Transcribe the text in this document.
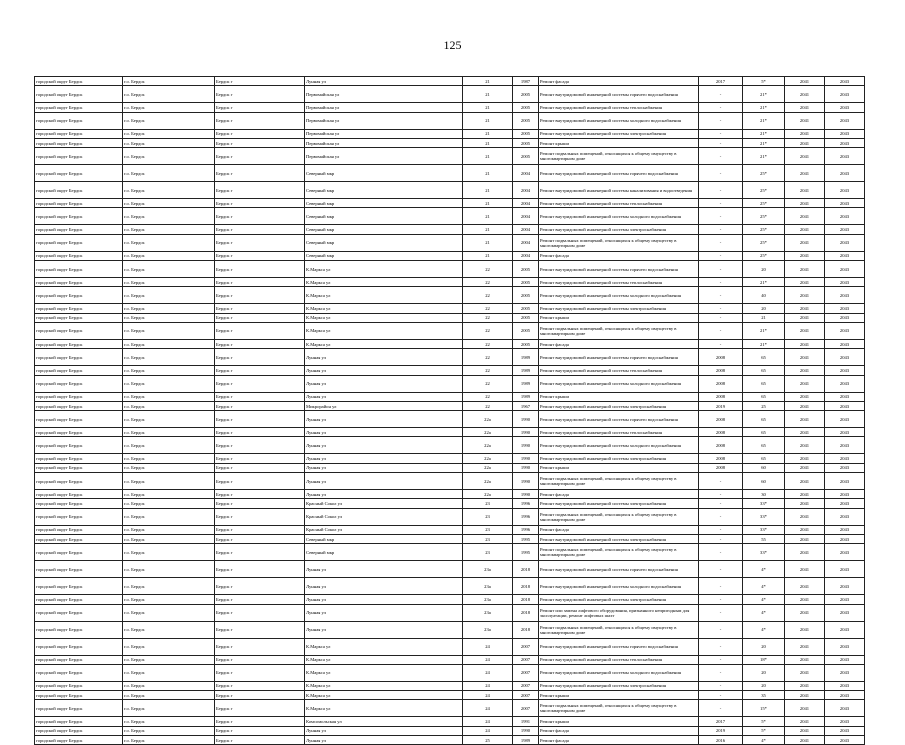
125
городской округ Бердск	г.о. Бердск	Бердск г	Лунная ул	21	1987	Ремонт фасада	2017	5*	2041	2043
городской округ Бердск	г.о. Бердск	Бердск г	Первомайская ул	21	2005	Ремонт внутридомовой инженерной системы горячего водоснабжения	-	21*	2041	2043
городской округ Бердск	г.о. Бердск	Бердск г	Первомайская ул	21	2005	Ремонт внутридомовой инженерной системы теплоснабжения	-	21*	2041	2043
городской округ Бердск	г.о. Бердск	Бердск г	Первомайская ул	21	2005	Ремонт внутридомовой инженерной системы холодного водоснабжения	-	21*	2041	2043
городской округ Бердск	г.о. Бердск	Бердск г	Первомайская ул	21	2005	Ремонт внутридомовой инженерной системы электроснабжения	-	21*	2041	2043
городской округ Бердск	г.о. Бердск	Бердск г	Первомайская ул	21	2005	Ремонт крыши	-	21*	2041	2043
городской округ Бердск	г.о. Бердск	Бердск г	Первомайская ул	21	2005	Ремонт подвальных помещений, относящихся к общему имуществу в многоквартирном доме	-	21*	2041	2043
городской округ Бердск	г.о. Бердск	Бердск г	Северный мкр	21	2004	Ремонт внутридомовой инженерной системы горячего водоснабжения	-	25*	2041	2043
городской округ Бердск	г.о. Бердск	Бердск г	Северный мкр	21	2004	Ремонт внутридомовой инженерной системы канализования и водоотведения	-	25*	2041	2043
городской округ Бердск	г.о. Бердск	Бердск г	Северный мкр	21	2004	Ремонт внутридомовой инженерной системы теплоснабжения	-	25*	2041	2043
городской округ Бердск	г.о. Бердск	Бердск г	Северный мкр	21	2004	Ремонт внутридомовой инженерной системы холодного водоснабжения	-	25*	2041	2043
городской округ Бердск	г.о. Бердск	Бердск г	Северный мкр	21	2004	Ремонт внутридомовой инженерной системы электроснабжения	-	25*	2041	2043
городской округ Бердск	г.о. Бердск	Бердск г	Северный мкр	21	2004	Ремонт подвальных помещений, относящихся к общему имуществу в многоквартирном доме	-	25*	2041	2043
городской округ Бердск	г.о. Бердск	Бердск г	Северный мкр	21	2004	Ремонт фасада	-	25*	2041	2043
городской округ Бердск	г.о. Бердск	Бердск г	К.Маркса ул	22	2005	Ремонт внутридомовой инженерной системы горячего водоснабжения	-	20	2041	2043
городской округ Бердск	г.о. Бердск	Бердск г	К.Маркса ул	22	2005	Ремонт внутридомовой инженерной системы теплоснабжения	-	21*	2041	2043
городской округ Бердск	г.о. Бердск	Бердск г	К.Маркса ул	22	2005	Ремонт внутридомовой инженерной системы холодного водоснабжения	-	40	2041	2043
городской округ Бердск	г.о. Бердск	Бердск г	К.Маркса ул	22	2005	Ремонт внутридомовой инженерной системы электроснабжения	-	20	2041	2043
городской округ Бердск	г.о. Бердск	Бердск г	К.Маркса ул	22	2005	Ремонт крыши	-	21	2041	2043
городской округ Бердск	г.о. Бердск	Бердск г	К.Маркса ул	22	2005	Ремонт подвальных помещений, относящихся к общему имуществу в многоквартирном доме	-	21*	2041	2043
городской округ Бердск	г.о. Бердск	Бердск г	К.Маркса ул	22	2005	Ремонт фасада	-	21*	2041	2043
городской округ Бердск	г.о. Бердск	Бердск г	Лунная ул	22	1989	Ремонт внутридомовой инженерной системы горячего водоснабжения	2008	65	2041	2043
городской округ Бердск	г.о. Бердск	Бердск г	Лунная ул	22	1989	Ремонт внутридомовой инженерной системы теплоснабжения	2008	65	2041	2043
городской округ Бердск	г.о. Бердск	Бердск г	Лунная ул	22	1989	Ремонт внутридомовой инженерной системы холодного водоснабжения	2008	65	2041	2043
городской округ Бердск	г.о. Бердск	Бердск г	Лунная ул	22	1989	Ремонт крыши	2008	65	2041	2043
городской округ Бердск	г.о. Бердск	Бердск г	Микрорайон ул	22	1967	Ремонт внутридомовой инженерной системы электроснабжения	2019	25	2041	2043
городской округ Бердск	г.о. Бердск	Бердск г	Лунная ул	22а	1990	Ремонт внутридомовой инженерной системы горячего водоснабжения	2008	65	2041	2043
городской округ Бердск	г.о. Бердск	Бердск г	Лунная ул	22а	1990	Ремонт внутридомовой инженерной системы теплоснабжения	2008	65	2041	2043
городской округ Бердск	г.о. Бердск	Бердск г	Лунная ул	22а	1990	Ремонт внутридомовой инженерной системы холодного водоснабжения	2008	65	2041	2043
городской округ Бердск	г.о. Бердск	Бердск г	Лунная ул	22а	1990	Ремонт внутридомовой инженерной системы электроснабжения	2008	65	2041	2043
городской округ Бердск	г.о. Бердск	Бердск г	Лунная ул	22а	1990	Ремонт крыши	2008	60	2041	2043
городской округ Бердск	г.о. Бердск	Бердск г	Лунная ул	22а	1990	Ремонт подвальных помещений, относящихся к общему имуществу в многоквартирном доме	-	60	2041	2043
городской округ Бердск	г.о. Бердск	Бердск г	Лунная ул	22а	1990	Ремонт фасада	-	30	2041	2043
городской округ Бердск	г.о. Бердск	Бердск г	Красный Сокол ул	23	1996	Ремонт внутридомовой инженерной системы электроснабжения	-	33*	2041	2043
городской округ Бердск	г.о. Бердск	Бердск г	Красный Сокол ул	23	1996	Ремонт подвальных помещений, относящихся к общему имуществу в многоквартирном доме	-	33*	2041	2043
городской округ Бердск	г.о. Бердск	Бердск г	Красный Сокол ул	23	1996	Ремонт фасада	-	33*	2041	2043
городской округ Бердск	г.о. Бердск	Бердск г	Северный мкр	23	1995	Ремонт внутридомовой инженерной системы электроснабжения	-	55	2041	2043
городской округ Бердск	г.о. Бердск	Бердск г	Северный мкр	23	1995	Ремонт подвальных помещений, относящихся к общему имуществу в многоквартирном доме	-	33*	2041	2043
городской округ Бердск	г.о. Бердск	Бердск г	Лунная ул	23а	2018	Ремонт внутридомовой инженерной системы горячего водоснабжения	-	4*	2041	2043
городской округ Бердск	г.о. Бердск	Бердск г	Лунная ул	23а	2018	Ремонт внутридомовой инженерной системы холодного водоснабжения	-	4*	2041	2043
городской округ Бердск	г.о. Бердск	Бердск г	Лунная ул	23а	2018	Ремонт внутридомовой инженерной системы электроснабжения	-	4*	2041	2043
городской округ Бердск	г.о. Бердск	Бердск г	Лунная ул	23а	2018	Ремонт или замена лифтового оборудования, признанного непригодным для эксплуатации, ремонт лифтовых шахт	-	4*	2041	2043
городской округ Бердск	г.о. Бердск	Бердск г	Лунная ул	23а	2018	Ремонт подвальных помещений, относящихся к общему имуществу в многоквартирном доме	-	4*	2041	2043
городской округ Бердск	г.о. Бердск	Бердск г	К.Маркса ул	24	2007	Ремонт внутридомовой инженерной системы горячего водоснабжения	-	20	2041	2043
городской округ Бердск	г.о. Бердск	Бердск г	К.Маркса ул	24	2007	Ремонт внутридомовой инженерной системы теплоснабжения	-	18*	2041	2043
городской округ Бердск	г.о. Бердск	Бердск г	К.Маркса ул	24	2007	Ремонт внутридомовой инженерной системы холодного водоснабжения	-	20	2041	2043
городской округ Бердск	г.о. Бердск	Бердск г	К.Маркса ул	24	2007	Ремонт внутридомовой инженерной системы электроснабжения	-	20	2041	2043
городской округ Бердск	г.о. Бердск	Бердск г	К.Маркса ул	24	2007	Ремонт крыши	-	35	2041	2043
городской округ Бердск	г.о. Бердск	Бердск г	К.Маркса ул	24	2007	Ремонт подвальных помещений, относящихся к общему имуществу в многоквартирном доме	-	15*	2041	2043
городской округ Бердск	г.о. Бердск	Бердск г	Комсомольская ул	24	1991	Ремонт крыши	2017	5*	2041	2043
городской округ Бердск	г.о. Бердск	Бердск г	Лунная ул	24	1990	Ремонт фасада	2019	5*	2041	2043
городской округ Бердск	г.о. Бердск	Бердск г	Лунная ул	25	1989	Ремонт фасада	2016	4*	2041	2043
